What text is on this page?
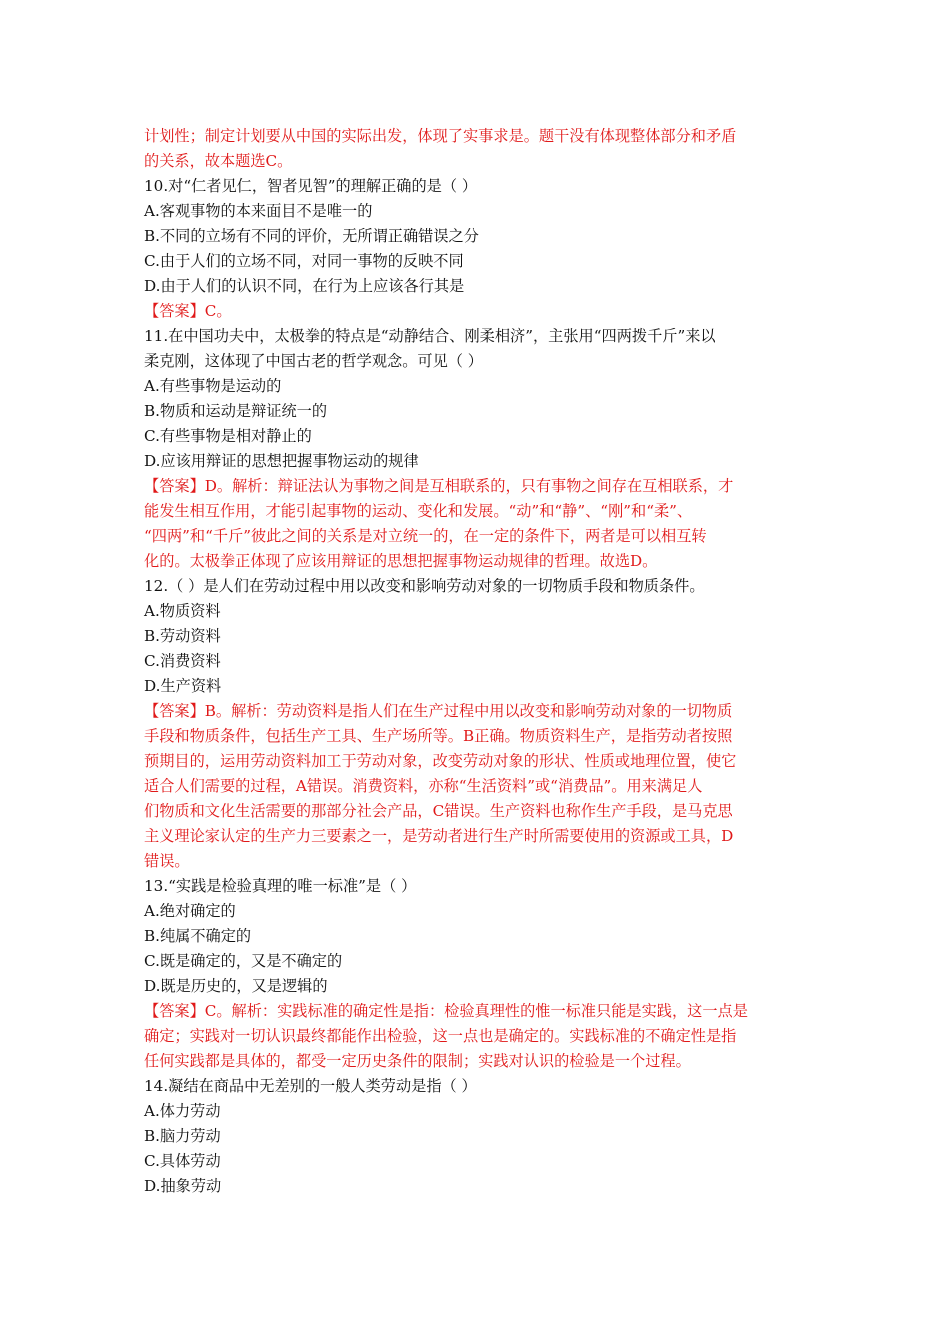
计划性；制定计划要从中国的实际出发，体现了实事求是。题干没有体现整体部分和矛盾
的关系，故本题选C。
10.对“仁者见仁，智者见智”的理解正确的是（ ）
A.客观事物的本来面目不是唯一的
B.不同的立场有不同的评价，无所谓正确错误之分
C.由于人们的立场不同，对同一事物的反映不同
D.由于人们的认识不同，在行为上应该各行其是
【答案】C。
11.在中国功夫中，太极拳的特点是“动静结合、刚柔相济”，主张用“四两拨千斤”来以
柔克刚，这体现了中国古老的哲学观念。可见（ ）
A.有些事物是运动的
B.物质和运动是辩证统一的
C.有些事物是相对静止的
D.应该用辩证的思想把握事物运动的规律
【答案】D。解析：辩证法认为事物之间是互相联系的，只有事物之间存在互相联系，才
能发生相互作用，才能引起事物的运动、变化和发展。“动”和“静”、“刚”和“柔”、
“四两”和“千斤”彼此之间的关系是对立统一的，在一定的条件下，两者是可以相互转
化的。太极拳正体现了应该用辩证的思想把握事物运动规律的哲理。故选D。
12.（ ）是人们在劳动过程中用以改变和影响劳动对象的一切物质手段和物质条件。
A.物质资料
B.劳动资料
C.消费资料
D.生产资料
【答案】B。解析：劳动资料是指人们在生产过程中用以改变和影响劳动对象的一切物质
手段和物质条件，包括生产工具、生产场所等。B正确。物质资料生产，是指劳动者按照
预期目的，运用劳动资料加工于劳动对象，改变劳动对象的形状、性质或地理位置，使它
适合人们需要的过程，A错误。消费资料，亦称“生活资料”或“消费品”。用来满足人
们物质和文化生活需要的那部分社会产品，C错误。生产资料也称作生产手段，是马克思
主义理论家认定的生产力三要素之一，是劳动者进行生产时所需要使用的资源或工具，D
错误。
13.“实践是检验真理的唯一标准”是（ ）
A.绝对确定的
B.纯属不确定的
C.既是确定的，又是不确定的
D.既是历史的，又是逻辑的
【答案】C。解析：实践标准的确定性是指：检验真理性的惟一标准只能是实践，这一点是
确定；实践对一切认识最终都能作出检验，这一点也是确定的。实践标准的不确定性是指
任何实践都是具体的，都受一定历史条件的限制；实践对认识的检验是一个过程。
14.凝结在商品中无差别的一般人类劳动是指（ ）
A.体力劳动
B.脑力劳动
C.具体劳动
D.抽象劳动
